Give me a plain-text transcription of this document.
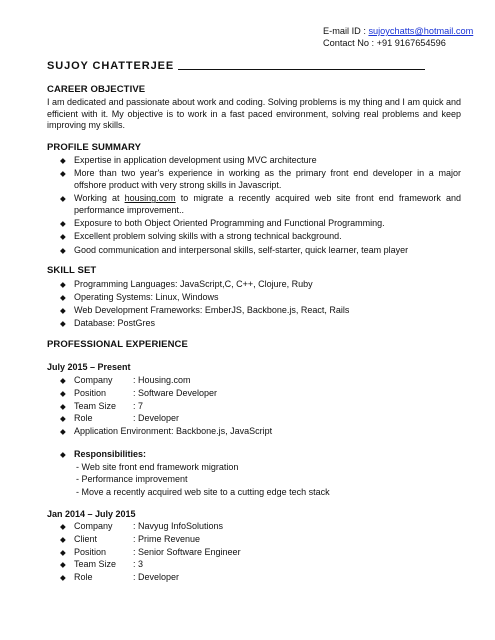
E-mail ID : sujoychatts@hotmail.com
Contact No : +91 9167654596
SUJOY CHATTERJEE
CAREER OBJECTIVE
I am dedicated and passionate about work and coding. Solving problems is my thing and I am quick and efficient with it. My objective is to work in a fast paced environment, solving real problems and keep improving my skills.
PROFILE SUMMARY
◆ Expertise in application development using MVC architecture
◆ More than two year's experience in working as the primary front end developer in a major offshore product with very strong skills in Javascript.
◆ Working at housing.com to migrate a recently acquired web site front end framework and performance improvement..
◆ Exposure to both Object Oriented Programming and Functional Programming.
◆ Excellent problem solving skills with a strong technical background.
◆ Good communication and interpersonal skills, self-starter, quick learner, team player
SKILL SET
◆ Programming Languages: JavaScript,C, C++, Clojure, Ruby
◆ Operating Systems: Linux, Windows
◆ Web Development Frameworks: EmberJS, Backbone.js, React, Rails
◆ Database: PostGres
PROFESSIONAL EXPERIENCE
July 2015 – Present
◆ Company : Housing.com
◆ Position	: Software Developer
◆ Team Size : 7
◆ Role	: Developer
◆ Application Environment: Backbone.js, JavaScript
◆ Responsibilities:
- Web site front end framework migration
- Performance improvement
- Move a recently acquired web site to a cutting edge tech stack
Jan 2014 – July 2015
◆ Company : Navyug InfoSolutions
◆ Client	: Prime Revenue
◆ Position	: Senior Software Engineer
◆ Team Size : 3
◆ Role	: Developer
